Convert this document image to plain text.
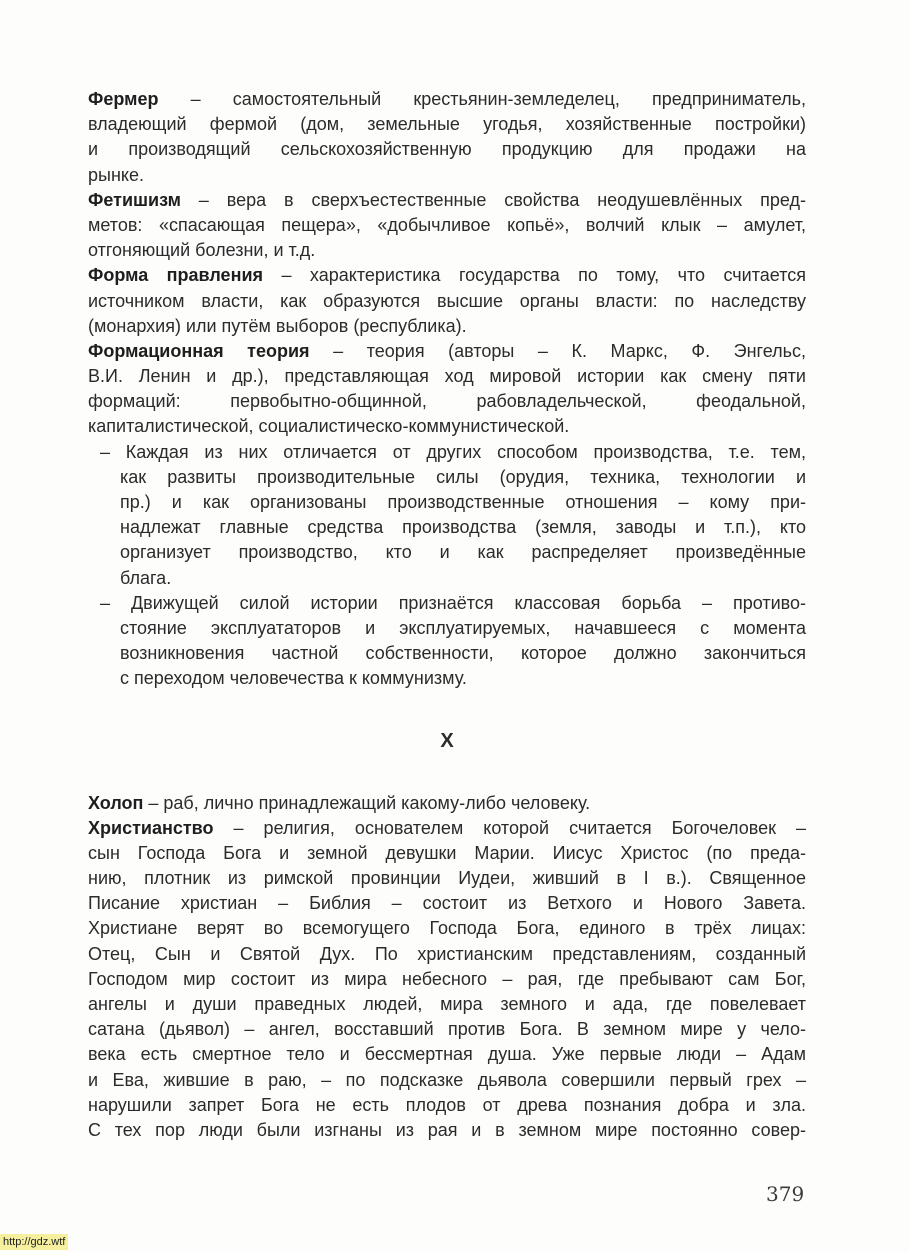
Фермер – самостоятельный крестьянин-земледелец, предприниматель,
владеющий фермой (дом, земельные угодья, хозяйственные постройки)
и производящий сельскохозяйственную продукцию для продажи на
рынке.
Фетишизм – вера в сверхъестественные свойства неодушевлённых пред-
метов: «спасающая пещера», «добычливое копьё», волчий клык – амулет,
отгоняющий болезни, и т.д.
Форма правления – характеристика государства по тому, что считается
источником власти, как образуются высшие органы власти: по наследству
(монархия) или путём выборов (республика).
Формационная теория – теория (авторы – К. Маркс, Ф. Энгельс,
В.И. Ленин и др.), представляющая ход мировой истории как смену пяти
формаций: первобытно-общинной, рабовладельческой, феодальной,
капиталистической, социалистическо-коммунистической.
– Каждая из них отличается от других способом производства, т.е. тем,
как развиты производительные силы (орудия, техника, технологии и
пр.) и как организованы производственные отношения – кому при-
надлежат главные средства производства (земля, заводы и т.п.), кто
организует производство, кто и как распределяет произведённые
блага.
– Движущей силой истории признаётся классовая борьба – противо-
стояние эксплуататоров и эксплуатируемых, начавшееся с момента
возникновения частной собственности, которое должно закончиться
с переходом человечества к коммунизму.
Х
Холоп – раб, лично принадлежащий какому-либо человеку.
Христианство – религия, основателем которой считается Богочеловек –
сын Господа Бога и земной девушки Марии. Иисус Христос (по преда-
нию, плотник из римской провинции Иудеи, живший в I в.). Священное
Писание христиан – Библия – состоит из Ветхого и Нового Завета.
Христиане верят во всемогущего Господа Бога, единого в трёх лицах:
Отец, Сын и Святой Дух. По христианским представлениям, созданный
Господом мир состоит из мира небесного – рая, где пребывают сам Бог,
ангелы и души праведных людей, мира земного и ада, где повелевает
сатана (дьявол) – ангел, восставший против Бога. В земном мире у чело-
века есть смертное тело и бессмертная душа. Уже первые люди – Адам
и Ева, жившие в раю, – по подсказке дьявола совершили первый грех –
нарушили запрет Бога не есть плодов от древа познания добра и зла.
С тех пор люди были изгнаны из рая и в земном мире постоянно совер-
379
http://gdz.wtf
